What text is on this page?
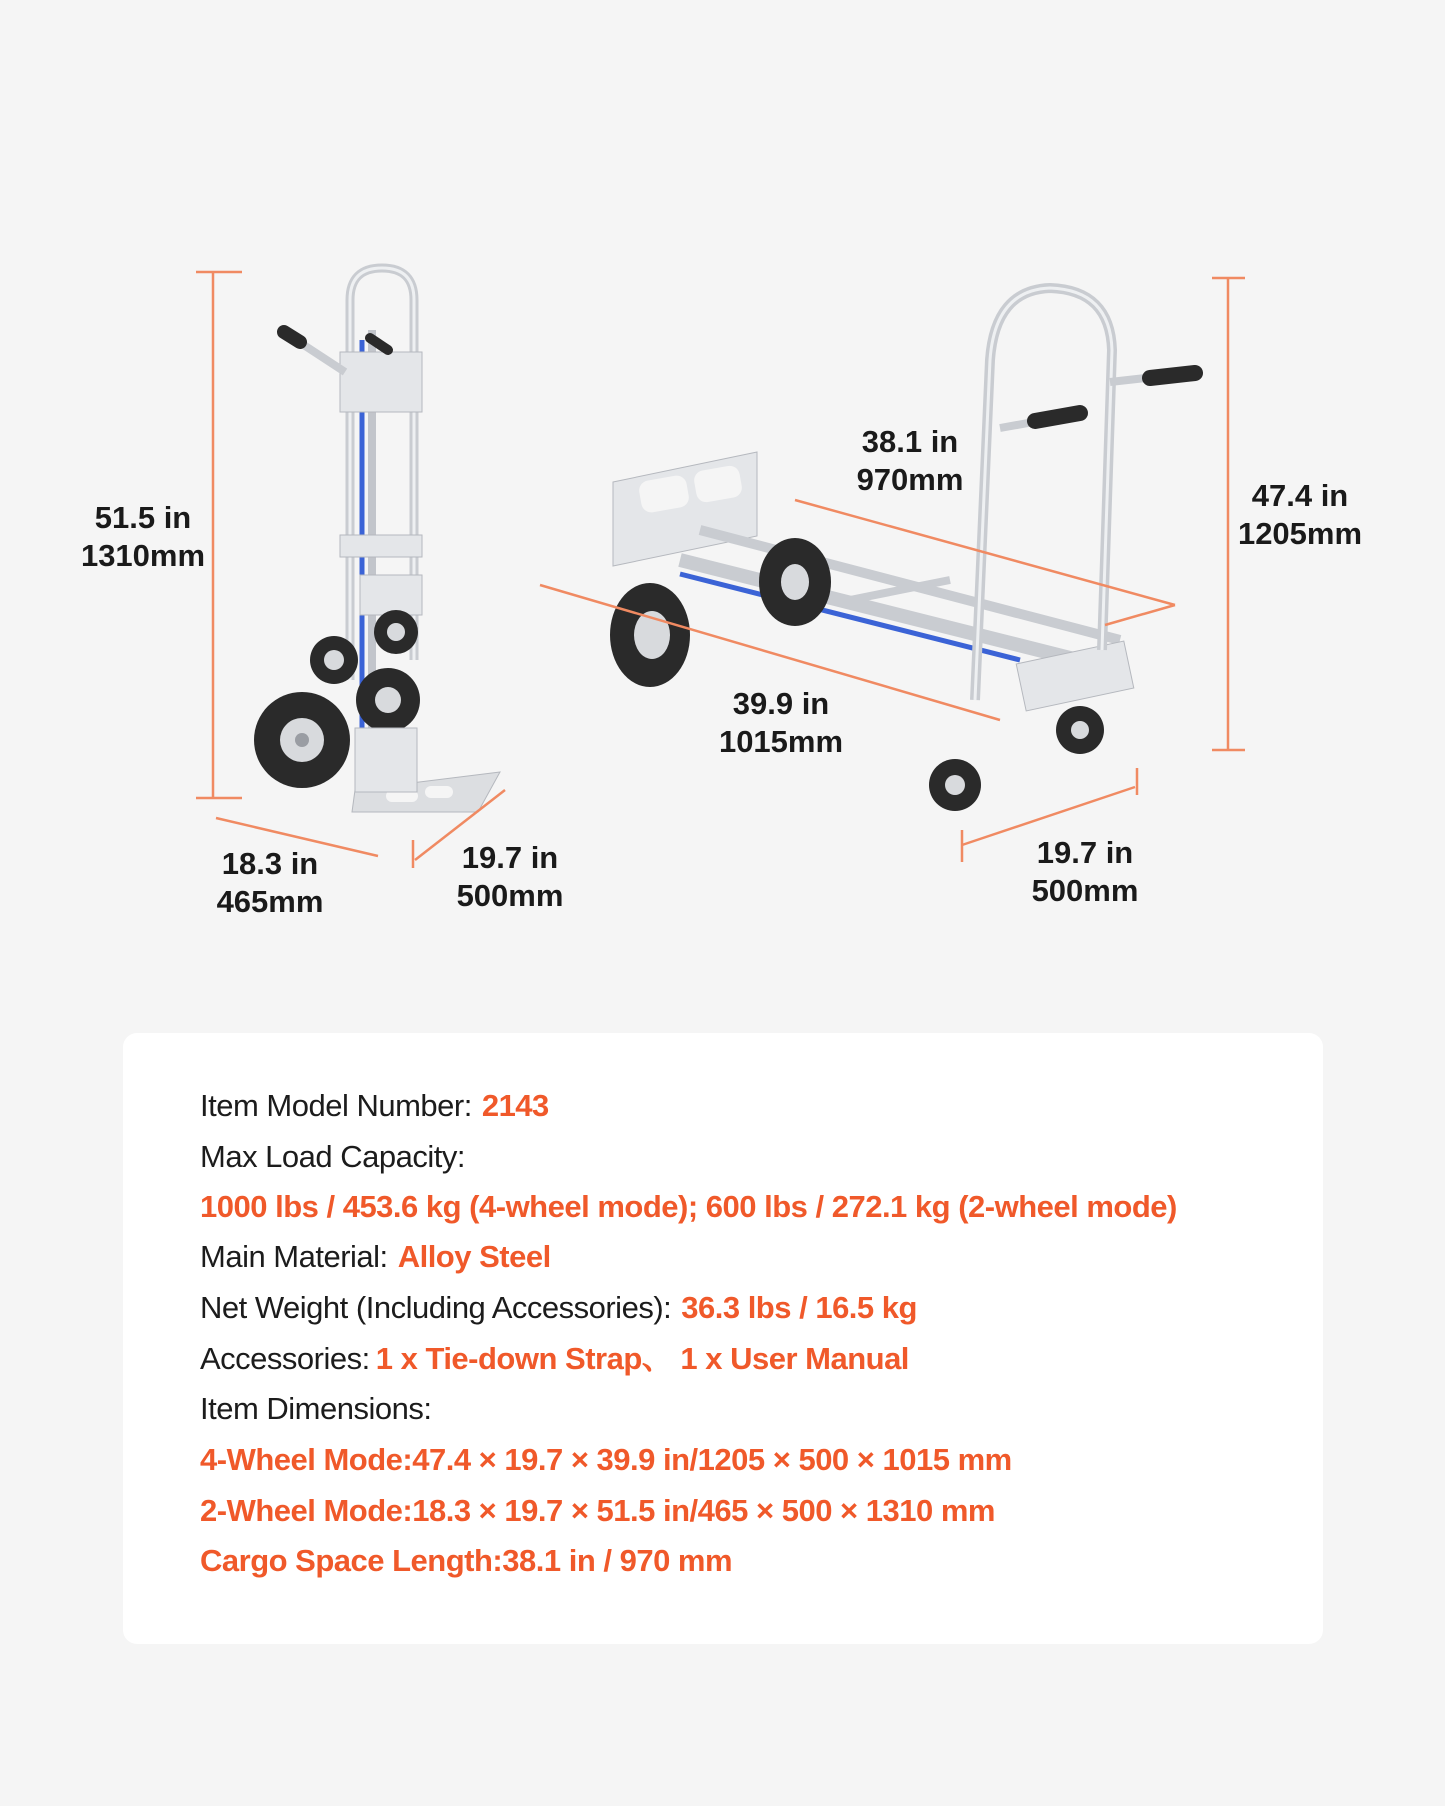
51.5 in
1310mm
18.3 in
465mm
19.7 in
500mm
38.1 in
970mm	47.4 in
1205mm
39.9 in
1015mm
19.7 in
500mm
Item Model Number: 2143
Max Load Capacity:
1000 lbs / 453.6 kg (4-wheel mode); 600 lbs / 272.1 kg (2-wheel mode)
Main Material: Alloy Steel
Net Weight (Including Accessories): 36.3 lbs / 16.5 kg
Accessories: 1 x Tie-down Strap、 1 x User Manual
Item Dimensions:
4-Wheel Mode:47.4 × 19.7 × 39.9 in/1205 × 500 × 1015 mm
2-Wheel Mode:18.3 × 19.7 × 51.5 in/465 × 500 × 1310 mm
Cargo Space Length:38.1 in / 970 mm
